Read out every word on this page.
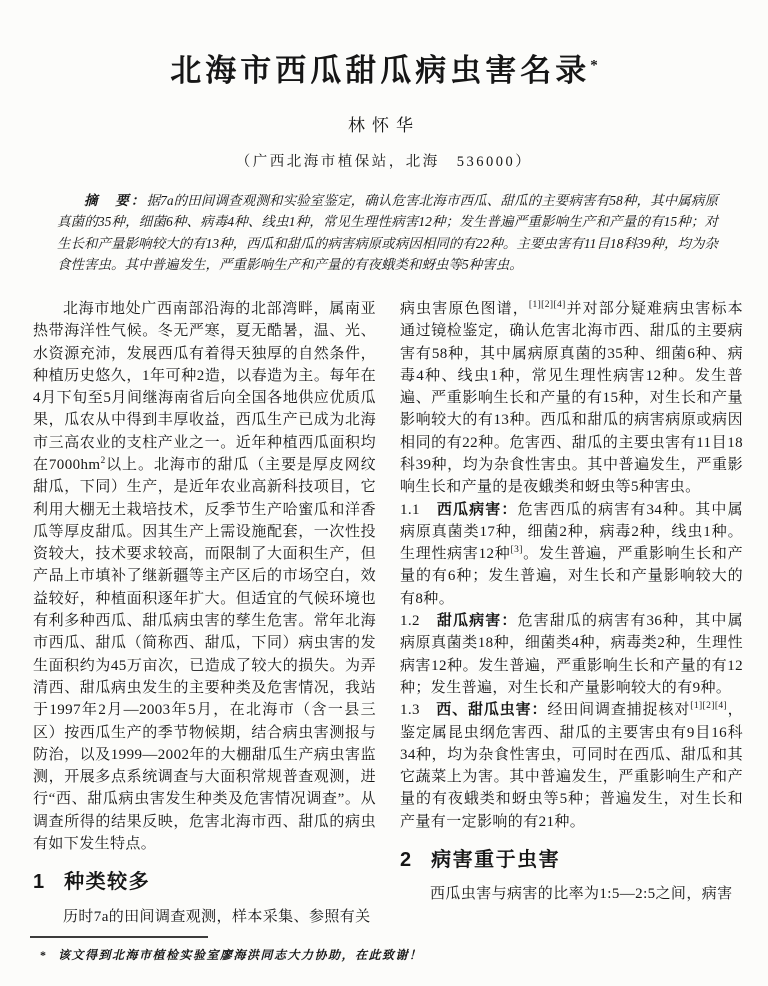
北海市西瓜甜瓜病虫害名录*
林怀华
（广西北海市植保站，北海　536000）

摘　要：据7a的田间调查观测和实验室鉴定，确认危害北海市西瓜、甜瓜的主要病害有58种，其中属病原真菌的35种，细菌6种、病毒4种、线虫1种，常见生理性病害12种；发生普遍严重影响生产和产量的有15种；对生长和产量影响较大的有13种，西瓜和甜瓜的病害病原或病因相同的有22种。主要虫害有11目18科39种，均为杂食性害虫。其中普遍发生，严重影响生产和产量的有夜蛾类和蚜虫等5种害虫。

北海市地处广西南部沿海的北部湾畔，属南亚热带海洋性气候。冬无严寒，夏无酷暑，温、光、水资源充沛，发展西瓜有着得天独厚的自然条件，种植历史悠久，1年可种2造，以春造为主。每年在4月下旬至5月间继海南省后向全国各地供应优质瓜果，瓜农从中得到丰厚收益，西瓜生产已成为北海市三高农业的支柱产业之一。近年种植西瓜面积均在$7000hm^2$以上。北海市的甜瓜（主要是厚皮网纹甜瓜，下同）生产，是近年农业高新科技项目，它利用大棚无土栽培技术，反季节生产哈蜜瓜和洋香瓜等厚皮甜瓜。因其生产上需设施配套，一次性投资较大，技术要求较高，而限制了大面积生产，但产品上市填补了继新疆等主产区后的市场空白，效益较好，种植面积逐年扩大。但适宜的气候环境也有利多种西瓜、甜瓜病虫害的孳生危害。常年北海市西瓜、甜瓜（简称西、甜瓜，下同）病虫害的发生面积约为45万亩次，已造成了较大的损失。为弄清西、甜瓜病虫发生的主要种类及危害情况，我站于1997年2月—2003年5月，在北海市（含一县三区）按西瓜生产的季节物候期，结合病虫害测报与防治，以及1999—2002年的大棚甜瓜生产病虫害监测，开展多点系统调查与大面积常规普查观测，进行“西、甜瓜病虫害发生种类及危害情况调查”。从调查所得的结果反映，危害北海市西、甜瓜的病虫有如下发生特点。

1 种类较多

历时7a的田间调查观测，样本采集、参照有关

病虫害原色图谱，[1][2][4]并对部分疑难病虫害标本通过镜检鉴定，确认危害北海市西、甜瓜的主要病害有58种，其中属病原真菌的35种、细菌6种、病毒4种、线虫1种，常见生理性病害12种。发生普遍、严重影响生长和产量的有15种，对生长和产量影响较大的有13种。西瓜和甜瓜的病害病原或病因相同的有22种。危害西、甜瓜的主要虫害有11目18科39种，均为杂食性害虫。其中普遍发生，严重影响生长和产量的是夜蛾类和蚜虫等5种害虫。

1.1　西瓜病害：危害西瓜的病害有34种。其中属病原真菌类17种，细菌2种，病毒2种，线虫1种。生理性病害12种[3]。发生普遍，严重影响生长和产量的有6种；发生普遍，对生长和产量影响较大的有8种。

1.2　甜瓜病害：危害甜瓜的病害有36种，其中属病原真菌类18种，细菌类4种，病毒类2种，生理性病害12种。发生普遍，严重影响生长和产量的有12种；发生普遍，对生长和产量影响较大的有9种。

1.3　西、甜瓜虫害：经田间调查捕捉核对[1][2][4]，鉴定属昆虫纲危害西、甜瓜的主要害虫有9目16科34种，均为杂食性害虫，可同时在西瓜、甜瓜和其它蔬菜上为害。其中普遍发生，严重影响生产和产量的有夜蛾类和蚜虫等5种；普遍发生，对生长和产量有一定影响的有21种。

2 病害重于虫害

西瓜虫害与病害的比率为1:5—2:5之间，病害

* 该文得到北海市植检实验室廖海洪同志大力协助，在此致谢！
